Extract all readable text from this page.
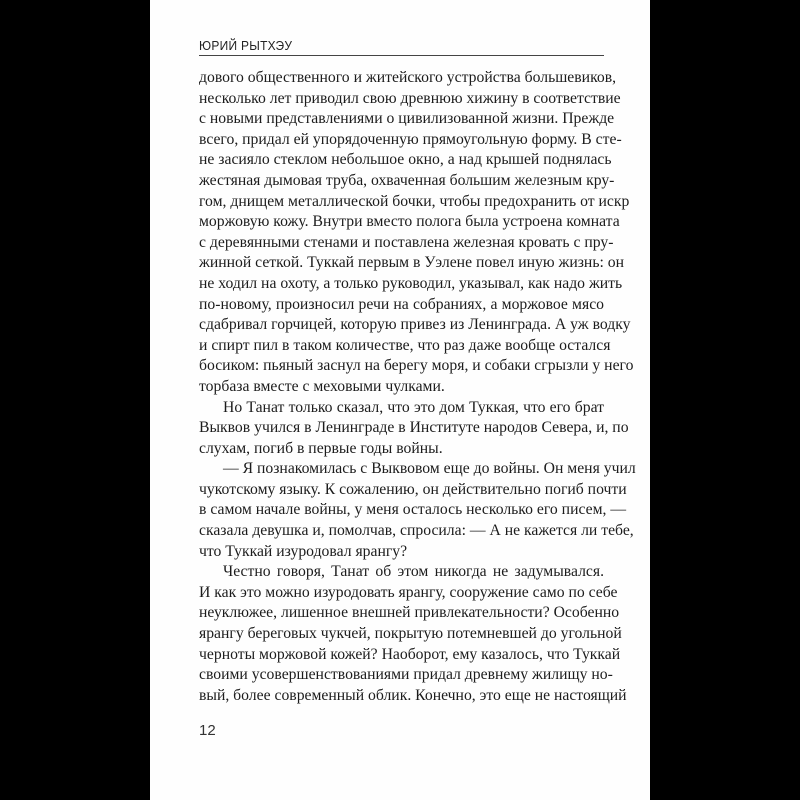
ЮРИЙ РЫТХЭУ
дового общественного и житейского устройства большевиков,
несколько лет приводил свою древнюю хижину в соответствие
с новыми представлениями о цивилизованной жизни. Прежде
всего, придал ей упорядоченную прямоугольную форму. В сте-
не засияло стеклом небольшое окно, а над крышей поднялась
жестяная дымовая труба, охваченная большим железным кру-
гом, днищем металлической бочки, чтобы предохранить от искр
моржовую кожу. Внутри вместо полога была устроена комната
с деревянными стенами и поставлена железная кровать с пру-
жинной сеткой. Туккай первым в Уэлене повел иную жизнь: он
не ходил на охоту, а только руководил, указывал, как надо жить
по-новому, произносил речи на собраниях, а моржовое мясо
сдабривал горчицей, которую привез из Ленинграда. А уж водку
и спирт пил в таком количестве, что раз даже вообще остался
босиком: пьяный заснул на берегу моря, и собаки сгрызли у него
торбаза вместе с меховыми чулками.
Но Танат только сказал, что это дом Туккая, что его брат
Выквов учился в Ленинграде в Институте народов Севера, и, по
слухам, погиб в первые годы войны.
— Я познакомилась с Выквовом еще до войны. Он меня учил
чукотскому языку. К сожалению, он действительно погиб почти
в самом начале войны, у меня осталось несколько его писем, —
сказала девушка и, помолчав, спросила: — А не кажется ли тебе,
что Туккай изуродовал ярангу?
Честно говоря, Танат об этом никогда не задумывался.
И как это можно изуродовать ярангу, сооружение само по себе
неуклюжее, лишенное внешней привлекательности? Особенно
ярангу береговых чукчей, покрытую потемневшей до угольной
черноты моржовой кожей? Наоборот, ему казалось, что Туккай
своими усовершенствованиями придал древнему жилищу но-
вый, более современный облик. Конечно, это еще не настоящий
12
